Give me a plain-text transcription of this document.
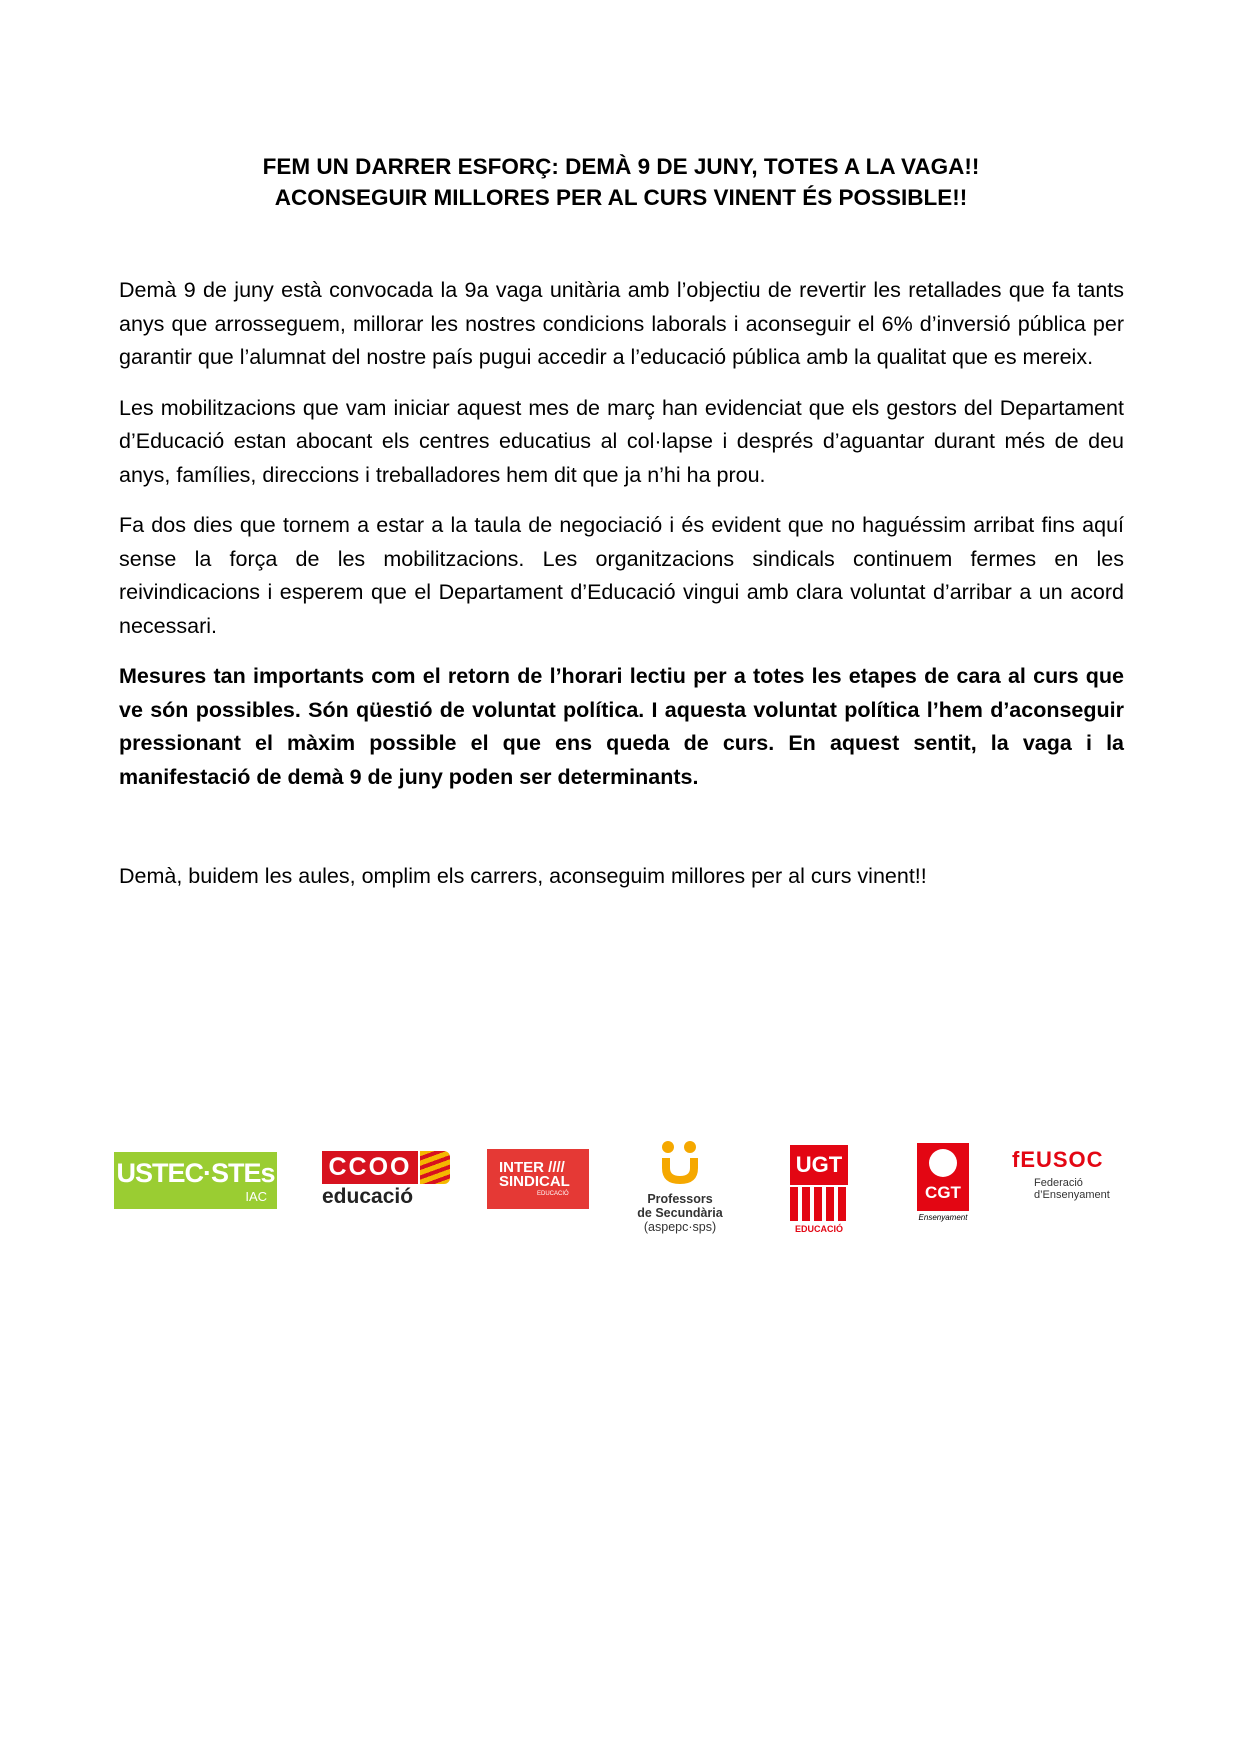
FEM UN DARRER ESFORÇ: DEMÀ 9 DE JUNY, TOTES A LA VAGA!!
ACONSEGUIR MILLORES PER AL CURS VINENT ÉS POSSIBLE!!

Demà 9 de juny està convocada la 9a vaga unitària amb l’objectiu de revertir les retallades que fa tants anys que arrosseguem, millorar les nostres condicions laborals i aconseguir el 6% d’inversió pública per garantir que l’alumnat del nostre país pugui accedir a l’educació pública amb la qualitat que es mereix.

Les mobilitzacions que vam iniciar aquest mes de març han evidenciat que els gestors del Departament d’Educació estan abocant els centres educatius al col·lapse i després d’aguantar durant més de deu anys, famílies, direccions i treballadores hem dit que ja n’hi ha prou.

Fa dos dies que tornem a estar a la taula de negociació i és evident que no haguéssim arribat fins aquí sense la força de les mobilitzacions. Les organitzacions sindicals continuem fermes en les reivindicacions i esperem que el Departament d’Educació vingui amb clara voluntat d’arribar a un acord necessari.

Mesures tan importants com el retorn de l’horari lectiu per a totes les etapes de cara al curs que ve són possibles. Són qüestió de voluntat política. I aquesta voluntat política l’hem d’aconseguir pressionant el màxim possible el que ens queda de curs. En aquest sentit, la vaga i la manifestació de demà 9 de juny poden ser determinants.

Demà, buidem les aules, omplim els carrers, aconseguim millores per al curs vinent!!

USTEC·STEs
IAC
CCOO
educació
INTER ////
SINDICAL
EDUCACIÓ	Professors
de Secundària
(aspepc·sps)
UGT
EDUCACIÓ
CGT
Ensenyament
fEUSOC
Federació
d’Ensenyament
